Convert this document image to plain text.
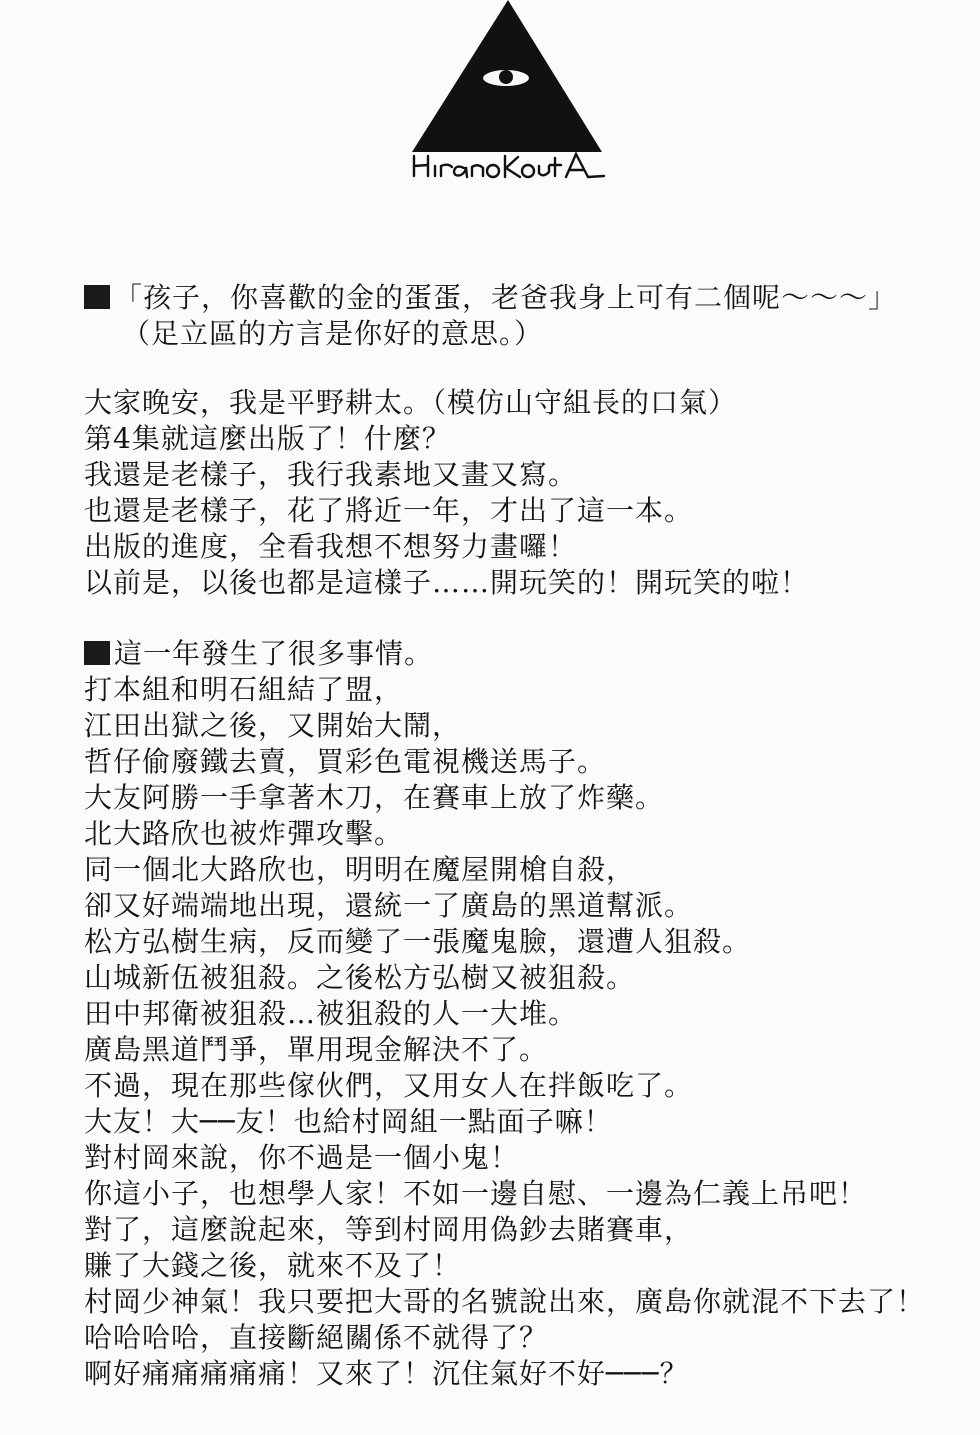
「孩子，你喜歡的金的蛋蛋，老爸我身上可有二個呢～～～」
（足立區的方言是你好的意思。）
大家晚安，我是平野耕太。（模仿山守組長的口氣）
第4集就這麼出版了！什麼？
我還是老樣子，我行我素地又畫又寫。
也還是老樣子，花了將近一年，才出了這一本。
出版的進度，全看我想不想努力畫囉！
以前是，以後也都是這樣子……開玩笑的！開玩笑的啦！
這一年發生了很多事情。
打本組和明石組結了盟，
江田出獄之後，又開始大鬧，
哲仔偷廢鐵去賣，買彩色電視機送馬子。
大友阿勝一手拿著木刀，在賽車上放了炸藥。
北大路欣也被炸彈攻擊。
同一個北大路欣也，明明在魔屋開槍自殺，
卻又好端端地出現，還統一了廣島的黑道幫派。
松方弘樹生病，反而變了一張魔鬼臉，還遭人狙殺。
山城新伍被狙殺。之後松方弘樹又被狙殺。
田中邦衛被狙殺…被狙殺的人一大堆。
廣島黑道鬥爭，單用現金解決不了。
不過，現在那些傢伙們，又用女人在拌飯吃了。
大友！大──友！也給村岡組一點面子嘛！
對村岡來說，你不過是一個小鬼！
你這小子，也想學人家！不如一邊自慰、一邊為仁義上吊吧！
對了，這麼說起來，等到村岡用偽鈔去賭賽車，
賺了大錢之後，就來不及了！
村岡少神氣！我只要把大哥的名號說出來，廣島你就混不下去了！
哈哈哈哈，直接斷絕關係不就得了？
啊好痛痛痛痛痛！又來了！沉住氣好不好───？
